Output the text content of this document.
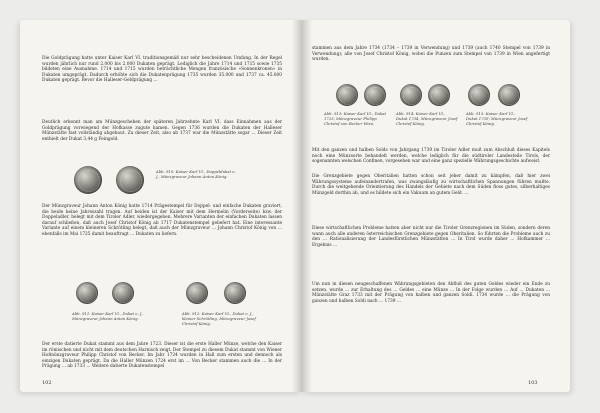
Die Goldprägung hatte unter Kaiser Karl VI. traditionsgemäß nur sehr bescheidenen Umfang. In der Regel wurden jährlich nur rund 2.000 bis 2.000 Dukaten geprägt. Lediglich die Jahre 1714 und 1715 sowie 1735 bildeten eine Ausnahme. 1714 und 1715 wurden beträchtliche Mengen französische »Sonnenkronen« in Dukaten umgeprägt. Dadurch erhöhte sich die Dukatenprägung 1735 wurden 35.000 und 1737 ca. 45.000 Dukaten geprägt. Bevor die Halleser-Geldprägung ...
Deutlich erkennt man am Münzgeschehen der späteren Jahrzehnte Karl VI. dass Einnahmen aus der Goldprägung vorwiegend der Hofkasse zugute kamen. Gegen 1736 wurden die Dukaten der Halleser Münzstätte fast vollständig abgebaut. Zu dieser Zeit, also ab 1737 war die Münzstätte sogar ... Dieser Zeit enthielt der Dukat 3,44 g Feingold.
Abb. 910: Kaiser Karl VI., Doppeldukat o. J., Münzgraveur Johann Anton König.
Der Münzgraveur Johann Anton König hatte 1714 Prägestempel für Doppel- und einfache Dukaten graviert, die beide keine Jahreszahl trugen. Auf beiden ist der Kaiser mit dem Hermelin (Vorderseite) bzw. der Doppeladler, belegt mit dem Tiroler Adler, wiedergegeben. Mehrere Varianten der einfachen Dukaten lassen darauf schließen, daß auch Josef Christof König ab 1717 Dukatenstempel geliefert hat. Eine interessante Variante auf einem kleineren Schrötling belegt, daß auch der Münzgraveur ... Johann Christof König von ... ebenfalls im Mai 1725 damit beauftragt ... Dukaten zu liefern.
Abb. 911: Kaiser Karl VI., Dukat o. J., Münzgraveur Johann Anton König.
Abb. 912: Kaiser Karl VI., Dukat o. J., kleiner Schrötling, Münzgraveur Josef Christof König.
Der erste datierte Dukat stammt aus dem Jahre 1723. Dieser ist die erste Haller Münze, welche den Kaiser im römischen und nicht mit dem deutschen Harnisch zeigt. Der Stempel zu diesem Dukat stammt von Wiener Hofmünzgraveur Philipp Christof von Becker. Im Jahr 1724 wurden in Hall zum ersten und dennoch als einzigen Dukaten geprägt. Da die Haller Münzen 1724 erst im ... Von Becker stammen auch die ... In der Prägung ... ab 1733 ... Weitere datierte Dukatenstempel
102
stammen aus dem Jahre 1734 (1734 – 1739 in Verwendung) und 1739 (auch 1740 Stempel von 1739 in Verwendung); alle von Josef Christof König, wobei die Punzen zum Stempel von 1739 in Wien angefertigt wurden.
Abb. 913: Kaiser Karl VI., Dukat 1723, Münzgraveur Philipp Christof von Becker Wien.
Abb. 914: Kaiser Karl VI., Dukat 1734, Münzgraveur Josef Christof König.
Abb. 915: Kaiser Karl VI., Dukat 1739, Münzgraveur Josef Christof König.
Mit den ganzen und halben Solds von Jahrgang 1739 im Tiroler Adler muß zum Abschluß dieses Kapitels noch eine Münzsorte behandelt werden, welche lediglich für die südtiroler Landesteile Tirols, der sogenannten welschen Confinen, vorgesehen war und eine ganz spezielle Währungsgeschichte aufweist.
Die Grenzgebiete gegen Oberitalien hatten schon seit jeher damit zu kämpfen, daß hier zwei Währungssysteme aufeinandertrafen, was zwangsläufig zu wirtschaftlichen Spannungen führen mußte. Durch die weitgehende Orientierung des Handels der Gebiete nach dem Süden floss gutes, silberhaltiges Münzgeld dorthin ab, und es bildete sich ein Vakuum an gutem Geld. ...
Diese wirtschaftlichen Probleme hatten aber nicht nur die Tiroler Grenzregionen im Süden, sondern deren wann auch alle anderen österreichischen Grenzgebiete gegen Oberitalien. So führten die Probleme auch zu den ... Rationalisierung der Landesfürstlichen Münzstätten ... In Tirol wurde daher ... Hofkammer ... Ergebnis ...
Um nun in diesen neugeschaffenen Währungsgebieten den Abfluß des guten Geldes wieder ein Ende zu setzen, wurde ... zur Erhaltung des ... Geldes ... eine Münze ... In der Folge wurden ... Auf ... Dukaten ... Münzstätte Graz 1733 mit der Prägung von halben und ganzen Soldi. 1734 wurde ... die Prägung von ganzen und halben Soldi nach ... 1739 ...
103
